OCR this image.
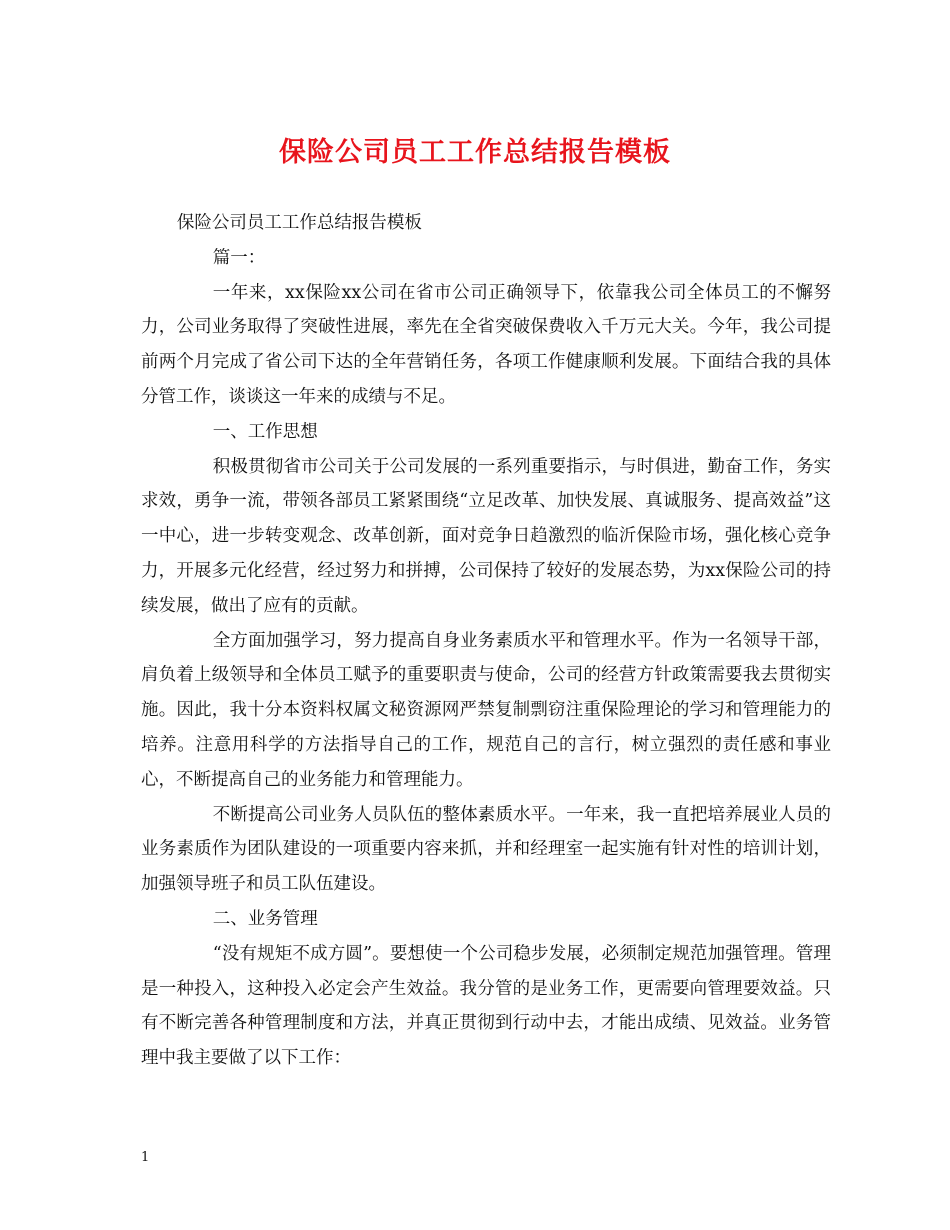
保险公司员工工作总结报告模板

保险公司员工工作总结报告模板

篇一：

一年来，xx保险xx公司在省市公司正确领导下，依靠我公司全体员工的不懈努力，公司业务取得了突破性进展，率先在全省突破保费收入千万元大关。今年，我公司提前两个月完成了省公司下达的全年营销任务，各项工作健康顺利发展。下面结合我的具体分管工作，谈谈这一年来的成绩与不足。

一、工作思想

积极贯彻省市公司关于公司发展的一系列重要指示，与时俱进，勤奋工作，务实求效，勇争一流，带领各部员工紧紧围绕“立足改革、加快发展、真诚服务、提高效益”这一中心，进一步转变观念、改革创新，面对竞争日趋激烈的临沂保险市场，强化核心竞争力，开展多元化经营，经过努力和拼搏，公司保持了较好的发展态势，为xx保险公司的持续发展，做出了应有的贡献。

全方面加强学习，努力提高自身业务素质水平和管理水平。作为一名领导干部，肩负着上级领导和全体员工赋予的重要职责与使命，公司的经营方针政策需要我去贯彻实施。因此，我十分本资料权属文秘资源网严禁复制剽窃注重保险理论的学习和管理能力的培养。注意用科学的方法指导自己的工作，规范自己的言行，树立强烈的责任感和事业心，不断提高自己的业务能力和管理能力。

不断提高公司业务人员队伍的整体素质水平。一年来，我一直把培养展业人员的业务素质作为团队建设的一项重要内容来抓，并和经理室一起实施有针对性的培训计划，加强领导班子和员工队伍建设。

二、业务管理

“没有规矩不成方圆”。要想使一个公司稳步发展，必须制定规范加强管理。管理是一种投入，这种投入必定会产生效益。我分管的是业务工作，更需要向管理要效益。只有不断完善各种管理制度和方法，并真正贯彻到行动中去，才能出成绩、见效益。业务管理中我主要做了以下工作：

1
